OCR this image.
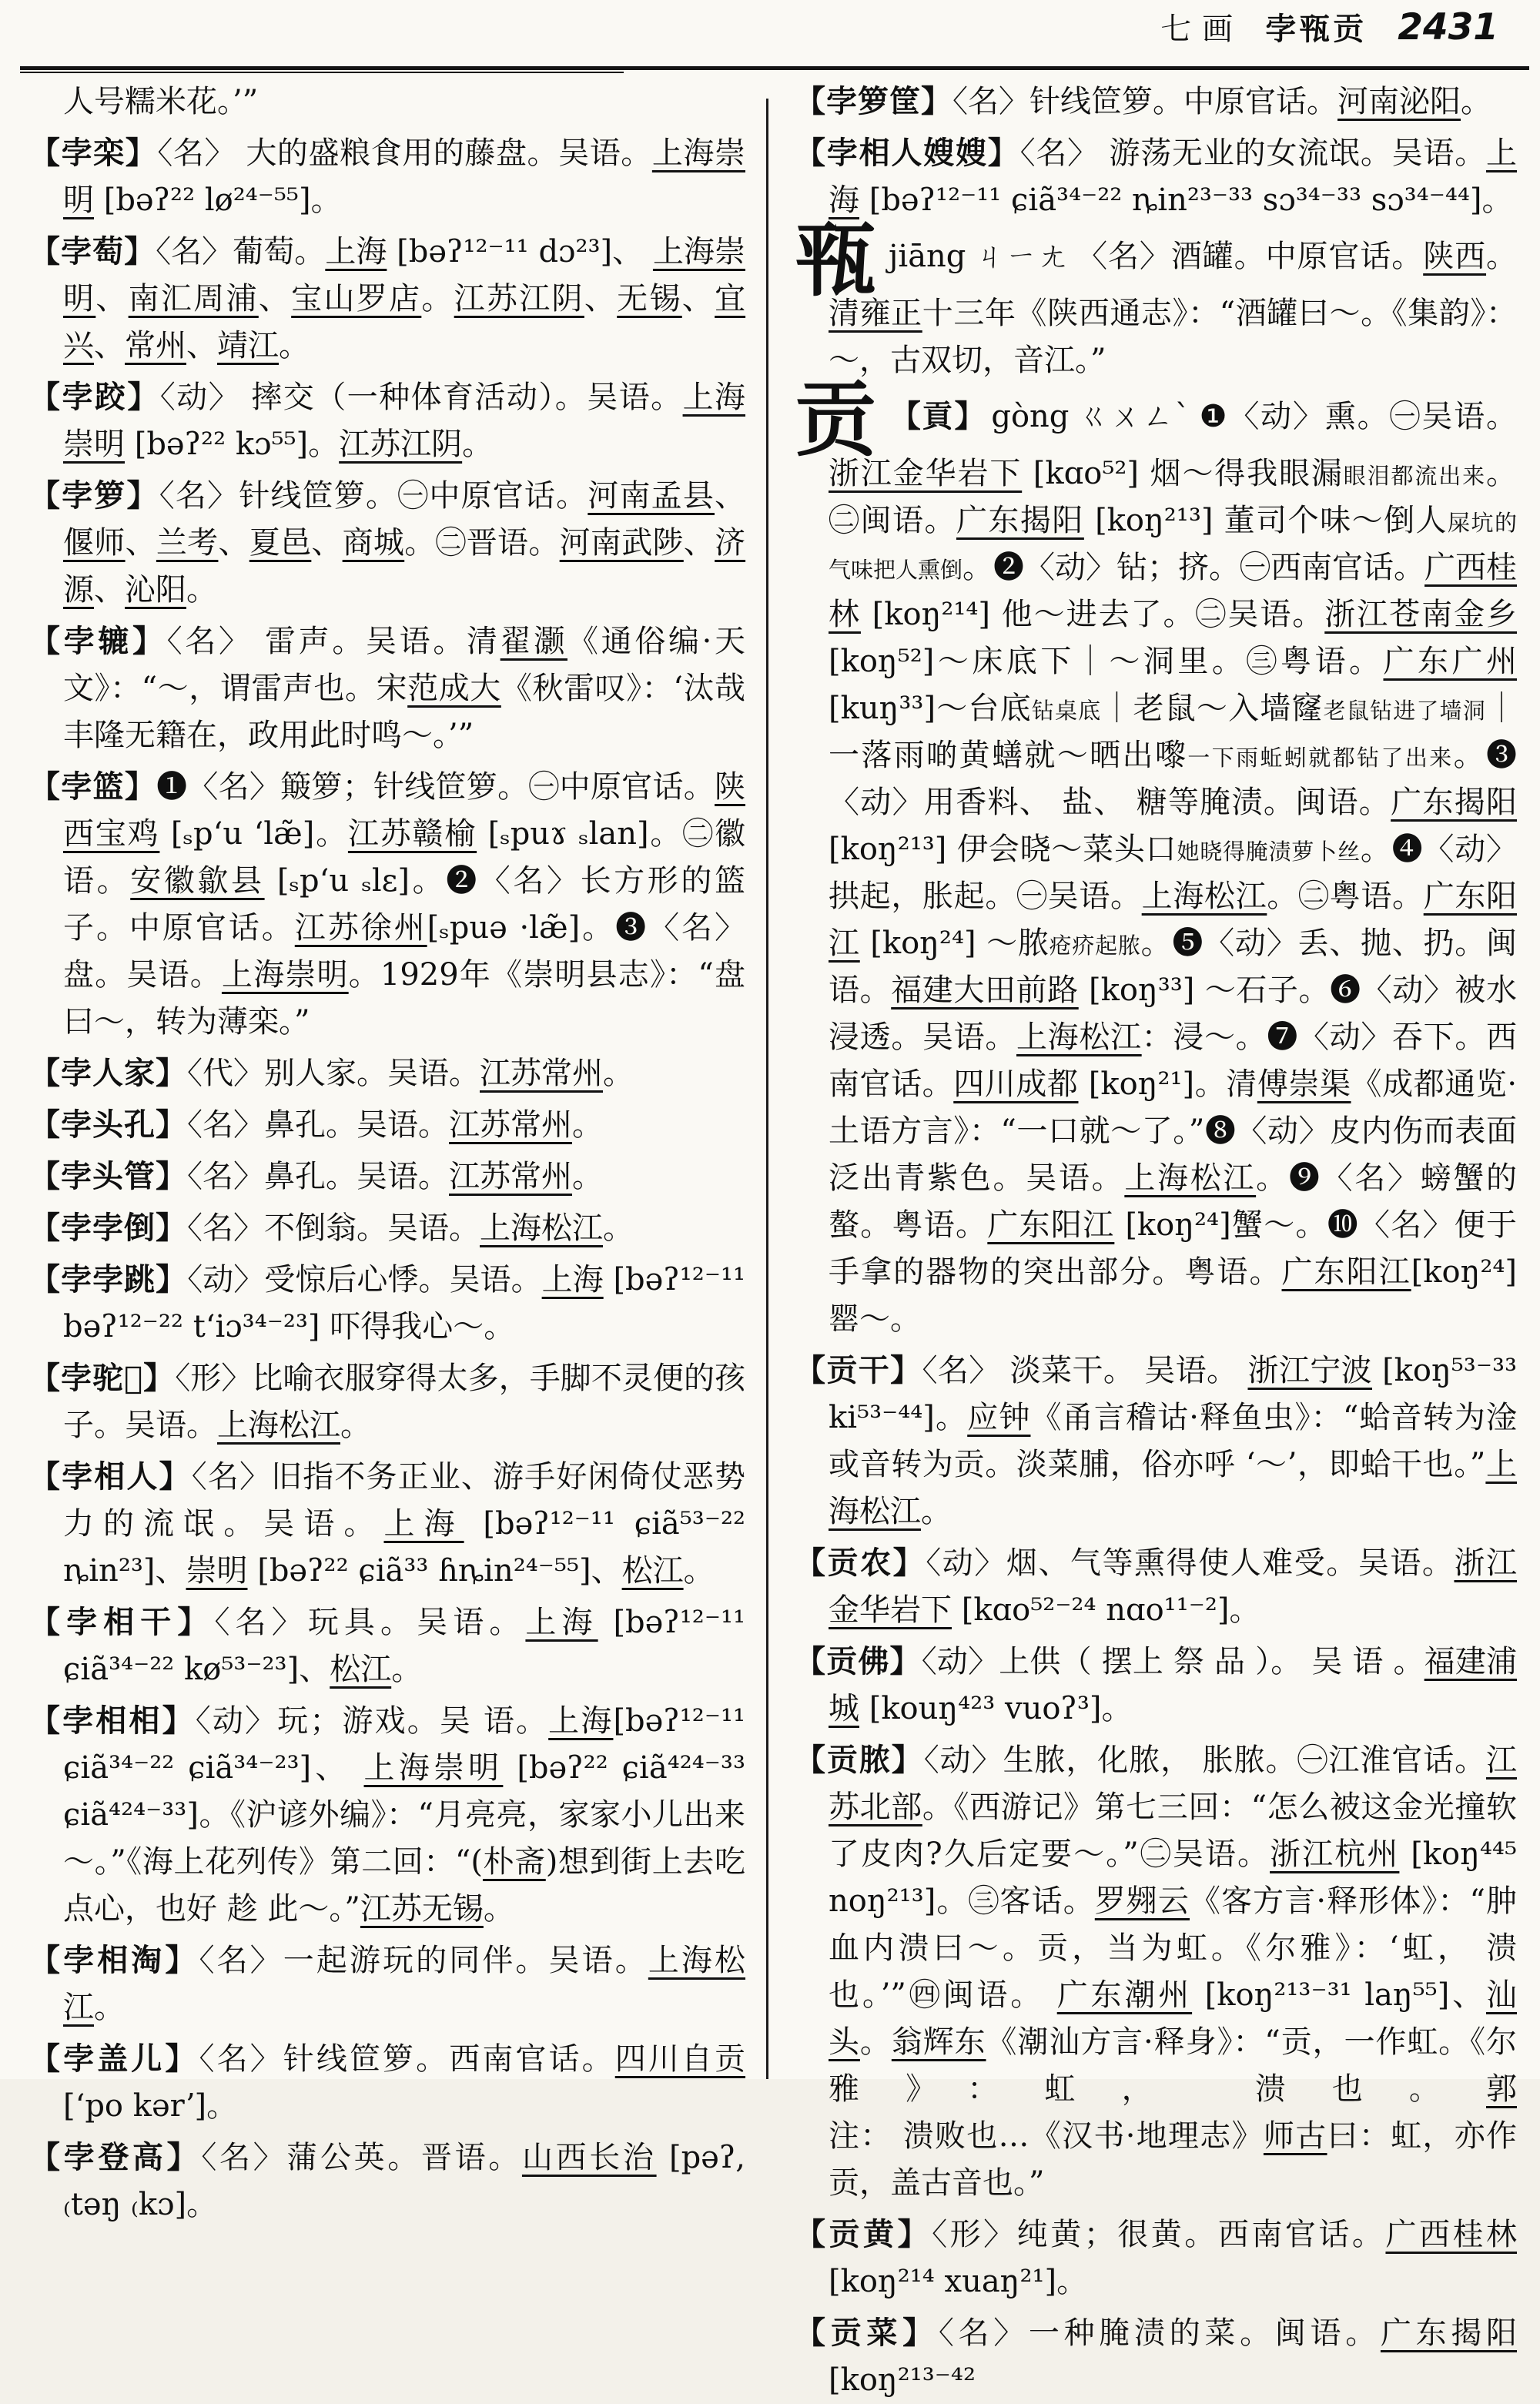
七画 孛㼞贡 2431

人号糯米花。’”

【孛栾】〈名〉 大的盛粮食用的藤盘。吴语。上海崇明 [bəʔ²² lø²⁴⁻⁵⁵]。

【孛萄】〈名〉葡萄。上海 [bəʔ¹²⁻¹¹ dɔ²³]、 上海崇明、南汇周浦、宝山罗店。江苏江阴、无锡、宜兴、常州、靖江。

【孛跤】〈动〉 摔交（一种体育活动）。吴语。上海崇明 [bəʔ²² kɔ⁵⁵]。江苏江阴。

【孛箩】〈名〉针线笸箩。㊀中原官话。河南孟县、偃师、兰考、夏邑、商城。㊁晋语。河南武陟、济源、沁阳。

【孛辘】〈名〉 雷声。吴语。清翟灏《通俗编·天文》：“～，谓雷声也。宋范成大《秋雷叹》：‘汰哉丰隆无籍在，政用此时鸣～。’”

【孛篮】❶〈名〉簸箩；针线笸箩。㊀中原官话。陕西宝鸡 [ₛpʻu ʻlæ̃]。江苏赣榆 [ₛpuɤ ₛlan]。㊁徽语。安徽歙县 [ₛpʻu ₛlɛ]。❷〈名〉长方形的篮子。中原官话。江苏徐州[ₛpuə ·læ̃]。❸〈名〉盘。吴语。上海崇明。1929年《崇明县志》：“盘曰～，转为薄栾。”

【孛人家】〈代〉别人家。吴语。江苏常州。

【孛头孔】〈名〉鼻孔。吴语。江苏常州。

【孛头管】〈名〉鼻孔。吴语。江苏常州。

【孛孛倒】〈名〉不倒翁。吴语。上海松江。

【孛孛跳】〈动〉受惊后心悸。吴语。上海 [bəʔ¹²⁻¹¹ bəʔ¹²⁻²² tʻiɔ³⁴⁻²³] 吓得我心～。

【孛驼𣰦】〈形〉比喻衣服穿得太多，手脚不灵便的孩子。吴语。上海松江。

【孛相人】〈名〉旧指不务正业、游手好闲倚仗恶势力的流氓。吴语。上海 [bəʔ¹²⁻¹¹ ɕiã⁵³⁻²² ȵin²³]、崇明 [bəʔ²² ɕiã³³ ɦȵin²⁴⁻⁵⁵]、松江。

【孛相干】〈名〉玩具。吴语。上海 [bəʔ¹²⁻¹¹ ɕiã³⁴⁻²² kø⁵³⁻²³]、松江。

【孛相相】〈动〉玩；游戏。吴 语。上海[bəʔ¹²⁻¹¹ ɕiã³⁴⁻²² ɕiã³⁴⁻²³]、 上海崇明 [bəʔ²² ɕiã⁴²⁴⁻³³ ɕiã⁴²⁴⁻³³]。《沪谚外编》：“月亮亮，家家小儿出来～。”《海上花列传》第二回：“(朴斋)想到街上去吃点心，也好 趁 此～。”江苏无锡。

【孛相淘】〈名〉一起游玩的同伴。吴语。上海松江。

【孛盖儿】〈名〉针线笸箩。西南官话。四川自贡 [ʻpo kərʼ]。

【孛登高】〈名〉蒲公英。晋语。山西长治 [pəʔ, ₍təŋ ₍kɔ]。

【孛箩筐】〈名〉针线笸箩。中原官话。河南泌阳。

【孛相人嫂嫂】〈名〉 游荡无业的女流氓。吴语。上海 [bəʔ¹²⁻¹¹ ɕiã³⁴⁻²² ȵin²³⁻³³ sɔ³⁴⁻³³ sɔ³⁴⁻⁴⁴]。

㼞jiāng ㄐㄧㄤ 〈名〉酒罐。中原官话。陕西。清雍正十三年《陕西通志》：“酒罐曰～。《集韵》：～，古双切，音江。”
贡 【貢】 gòng ㄍㄨㄥˋ ❶〈动〉熏。㊀吴语。浙江金华岩下 [kɑo⁵²] 烟～得我眼漏眼泪都流出来。㊁闽语。广东揭阳 [koŋ²¹³] 董司个味～倒人屎坑的气味把人熏倒。❷〈动〉钻；挤。㊀西南官话。广西桂林 [koŋ²¹⁴] 他～进去了。㊁吴语。浙江苍南金乡 [koŋ⁵²]～床底下｜～洞里。㊂粤语。广东广州 [kuŋ³³]～台底钻桌底｜老鼠～入墙窿老鼠钻进了墙洞｜一落雨啲黄蟮就～晒出嚟一下雨蚯蚓就都钻了出来。❸〈动〉用香料、 盐、 糖等腌渍。闽语。广东揭阳 [koŋ²¹³] 伊会晓～菜头口她晓得腌渍萝卜丝。❹〈动〉 拱起，胀起。㊀吴语。上海松江。㊁粤语。广东阳江 [koŋ²⁴] ～脓疮疥起脓。❺〈动〉丢、抛、扔。闽语。福建大田前路 [koŋ³³] ～石子。❻〈动〉被水浸透。吴语。上海松江：浸～。❼〈动〉吞下。西南官话。四川成都 [koŋ²¹]。清傅崇渠《成都通览·土语方言》：“一口就～了。”❽〈动〉皮内伤而表面泛出青紫色。吴语。上海松江。❾〈名〉螃蟹的螯。粤语。广东阳江 [koŋ²⁴]蟹～。❿〈名〉便于手拿的器物的突出部分。粤语。广东阳江[koŋ²⁴]罂～。

【贡干】〈名〉 淡菜干。 吴语。 浙江宁波 [koŋ⁵³⁻³³ ki⁵³⁻⁴⁴]。应钟《甬言稽诂·释鱼虫》：“蛤音转为淦或音转为贡。淡菜脯，俗亦呼 ‘～’，即蛤干也。”上海松江。

【贡农】〈动〉烟、气等熏得使人难受。吴语。浙江金华岩下 [kɑo⁵²⁻²⁴ nɑo¹¹⁻²]。

【贡佛】〈动〉上供（ 摆上 祭 品 ）。 吴 语 。福建浦城 [kouŋ⁴²³ vuoʔ³]。

【贡脓】〈动〉生脓，化脓， 胀脓。㊀江淮官话。江苏北部。《西游记》第七三回：“怎么被这金光撞软了皮肉?久后定要～。”㊁吴语。浙江杭州 [koŋ⁴⁴⁵ noŋ²¹³]。㊂客话。罗翙云《客方言·释形体》：“肿血内溃曰～。贡，当为虹。《尔雅》：‘虹， 溃也。’”㊃闽语。 广东潮州 [koŋ²¹³⁻³¹ laŋ⁵⁵]、汕头。翁辉东《潮汕方言·释身》：“贡，一作虹。《尔雅》：虹， 溃也。郭注： 溃败也…《汉书·地理志》师古曰：虹，亦作贡，盖古音也。”

【贡黄】〈形〉纯黄；很黄。西南官话。广西桂林 [koŋ²¹⁴ xuaŋ²¹]。

【贡菜】〈名〉一种腌渍的菜。闽语。广东揭阳[koŋ²¹³⁻⁴²
